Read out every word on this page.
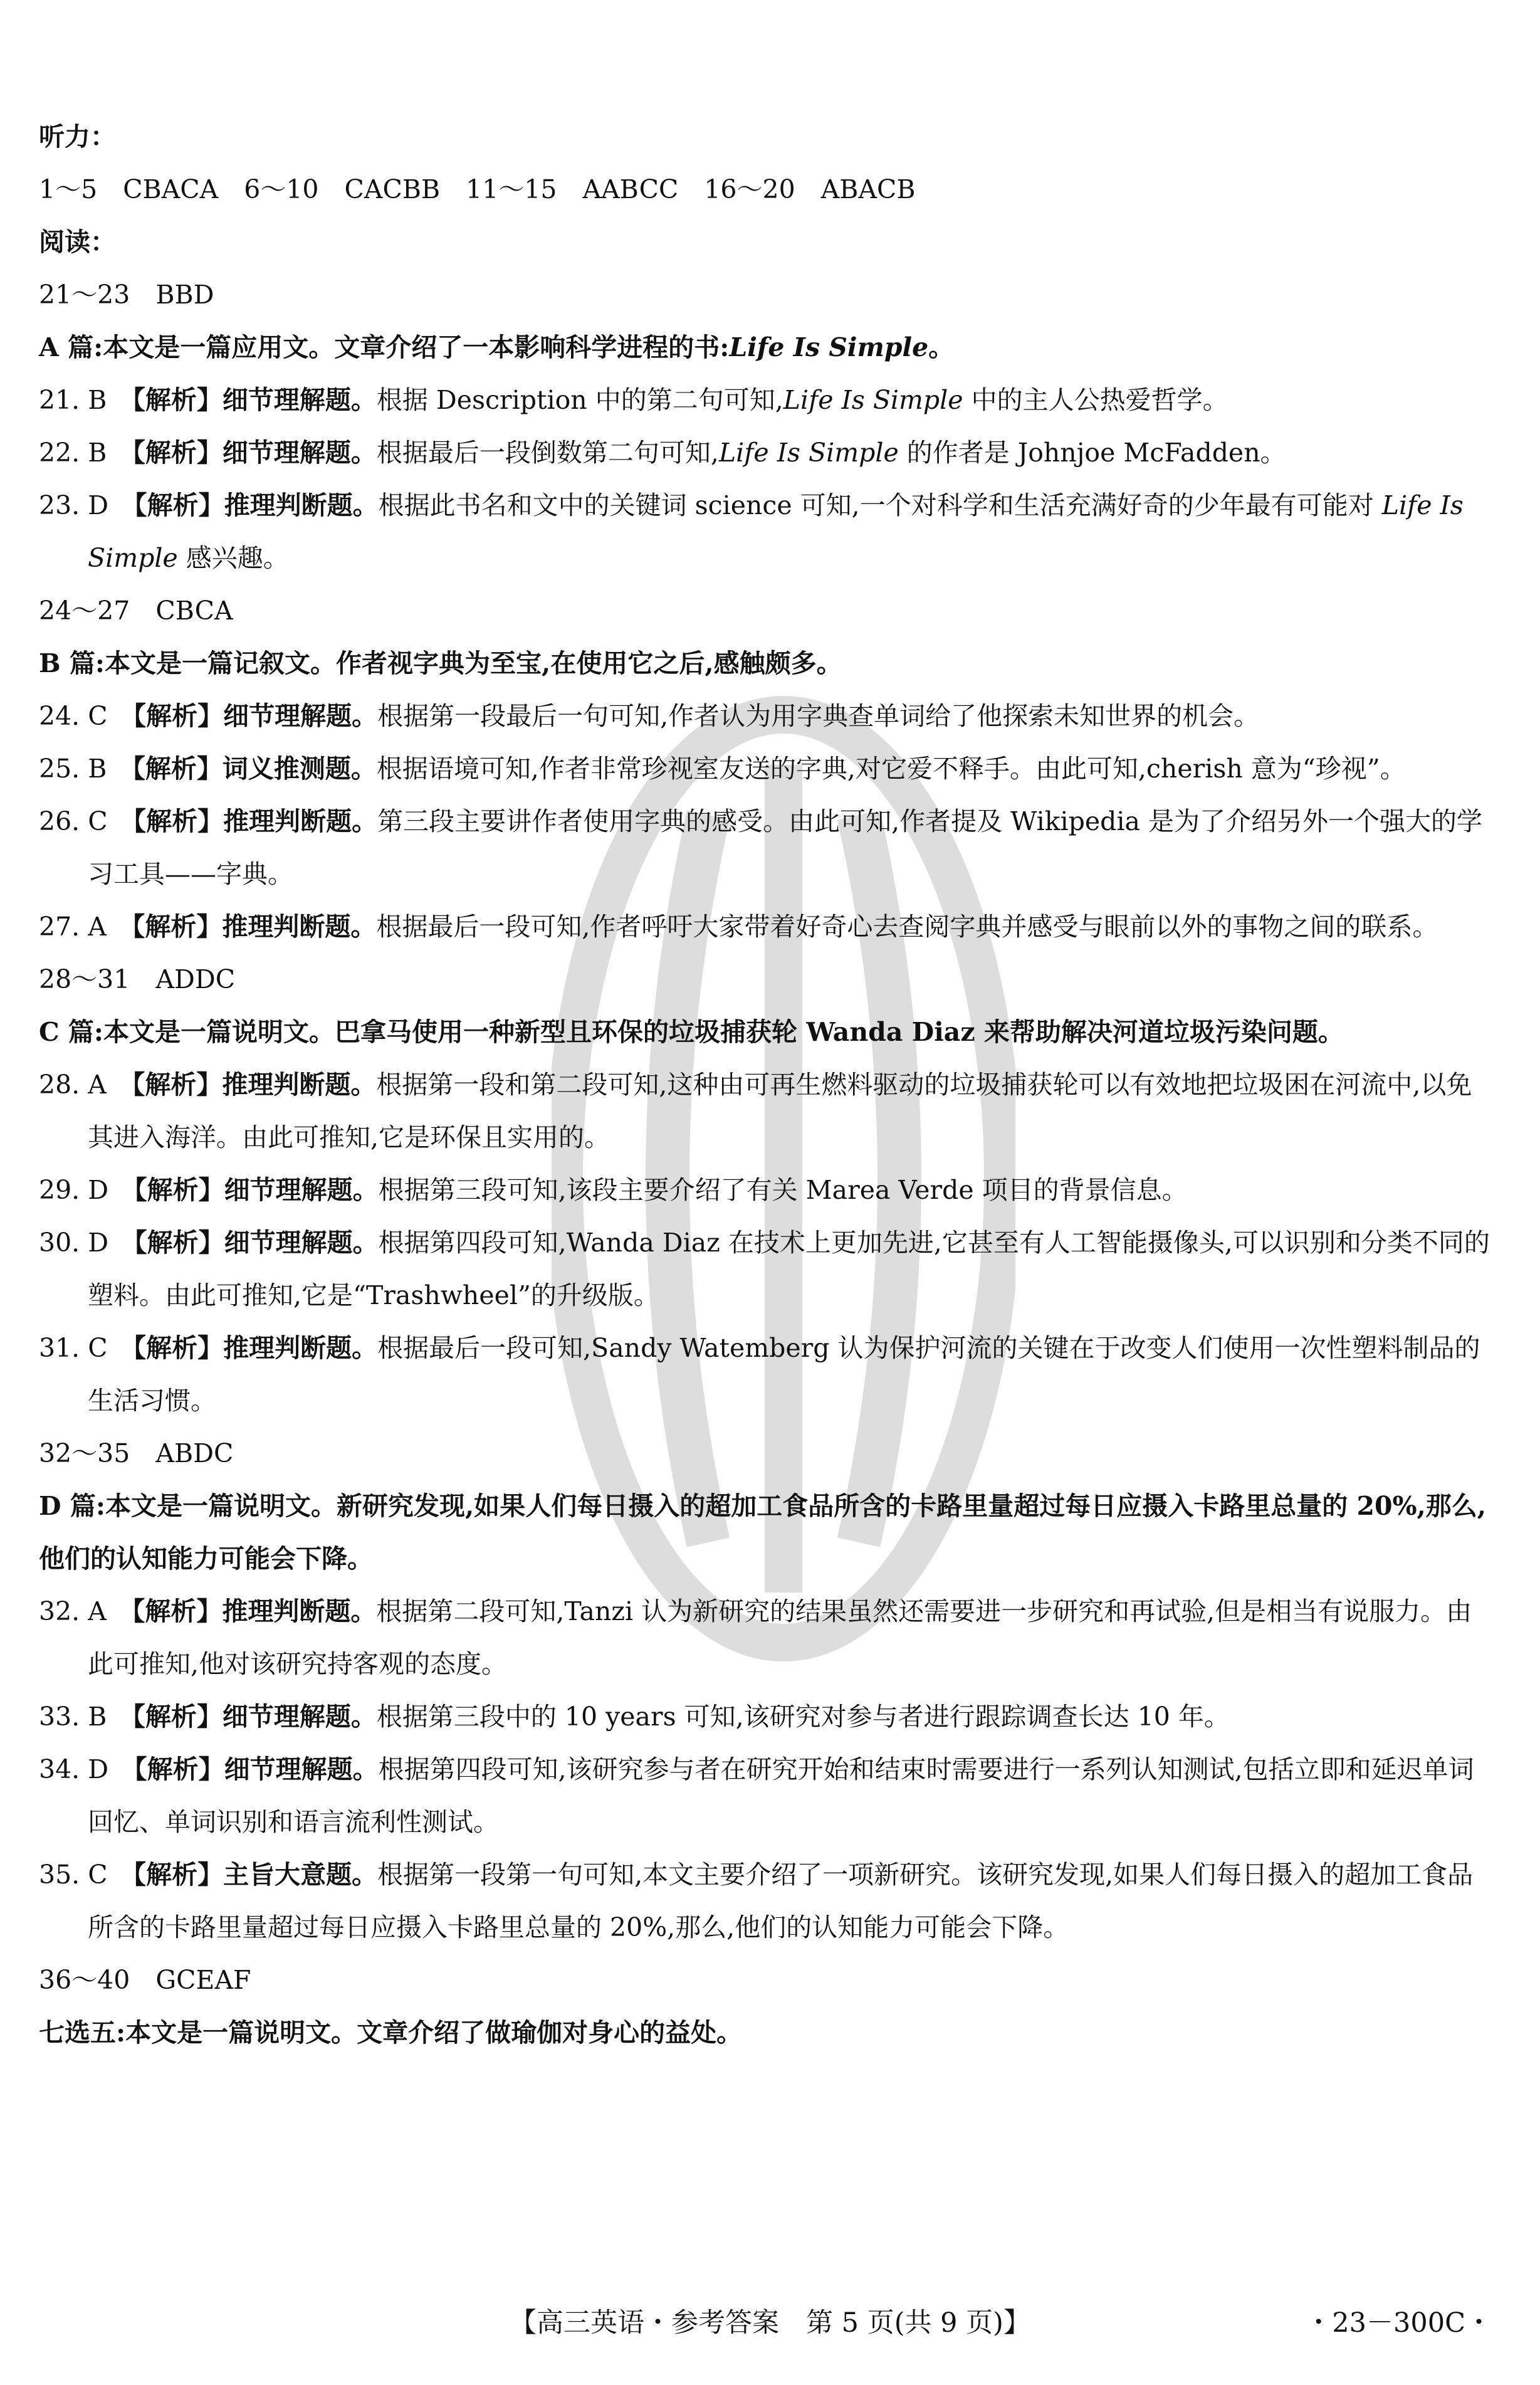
听力：
1～5　CBACA　6～10　CACBB　11～15　AABCC　16～20　ABACB
阅读：
21～23　BBD
A 篇:本文是一篇应用文。文章介绍了一本影响科学进程的书:Life Is Simple。
21. B　【解析】细节理解题。根据 Description 中的第二句可知,Life Is Simple 中的主人公热爱哲学。
22. B　【解析】细节理解题。根据最后一段倒数第二句可知,Life Is Simple 的作者是 Johnjoe McFadden。
23. D　【解析】推理判断题。根据此书名和文中的关键词 science 可知,一个对科学和生活充满好奇的少年最有可能对 Life Is Simple 感兴趣。
24～27　CBCA
B 篇:本文是一篇记叙文。作者视字典为至宝,在使用它之后,感触颇多。
24. C　【解析】细节理解题。根据第一段最后一句可知,作者认为用字典查单词给了他探索未知世界的机会。
25. B　【解析】词义推测题。根据语境可知,作者非常珍视室友送的字典,对它爱不释手。由此可知,cherish 意为“珍视”。
26. C　【解析】推理判断题。第三段主要讲作者使用字典的感受。由此可知,作者提及 Wikipedia 是为了介绍另外一个强大的学习工具——字典。
27. A　【解析】推理判断题。根据最后一段可知,作者呼吁大家带着好奇心去查阅字典并感受与眼前以外的事物之间的联系。
28～31　ADDC
C 篇:本文是一篇说明文。巴拿马使用一种新型且环保的垃圾捕获轮 Wanda Diaz 来帮助解决河道垃圾污染问题。
28. A　【解析】推理判断题。根据第一段和第二段可知,这种由可再生燃料驱动的垃圾捕获轮可以有效地把垃圾困在河流中,以免其进入海洋。由此可推知,它是环保且实用的。
29. D　【解析】细节理解题。根据第三段可知,该段主要介绍了有关 Marea Verde 项目的背景信息。
30. D　【解析】细节理解题。根据第四段可知,Wanda Diaz 在技术上更加先进,它甚至有人工智能摄像头,可以识别和分类不同的塑料。由此可推知,它是“Trashwheel”的升级版。
31. C　【解析】推理判断题。根据最后一段可知,Sandy Watemberg 认为保护河流的关键在于改变人们使用一次性塑料制品的生活习惯。
32～35　ABDC
D 篇:本文是一篇说明文。新研究发现,如果人们每日摄入的超加工食品所含的卡路里量超过每日应摄入卡路里总量的 20%,那么,他们的认知能力可能会下降。
32. A　【解析】推理判断题。根据第二段可知,Tanzi 认为新研究的结果虽然还需要进一步研究和再试验,但是相当有说服力。由此可推知,他对该研究持客观的态度。
33. B　【解析】细节理解题。根据第三段中的 10 years 可知,该研究对参与者进行跟踪调查长达 10 年。
34. D　【解析】细节理解题。根据第四段可知,该研究参与者在研究开始和结束时需要进行一系列认知测试,包括立即和延迟单词回忆、单词识别和语言流利性测试。
35. C　【解析】主旨大意题。根据第一段第一句可知,本文主要介绍了一项新研究。该研究发现,如果人们每日摄入的超加工食品所含的卡路里量超过每日应摄入卡路里总量的 20%,那么,他们的认知能力可能会下降。
36～40　GCEAF
七选五:本文是一篇说明文。文章介绍了做瑜伽对身心的益处。
【高三英语・参考答案　第 5 页(共 9 页)】	・23－300C・
